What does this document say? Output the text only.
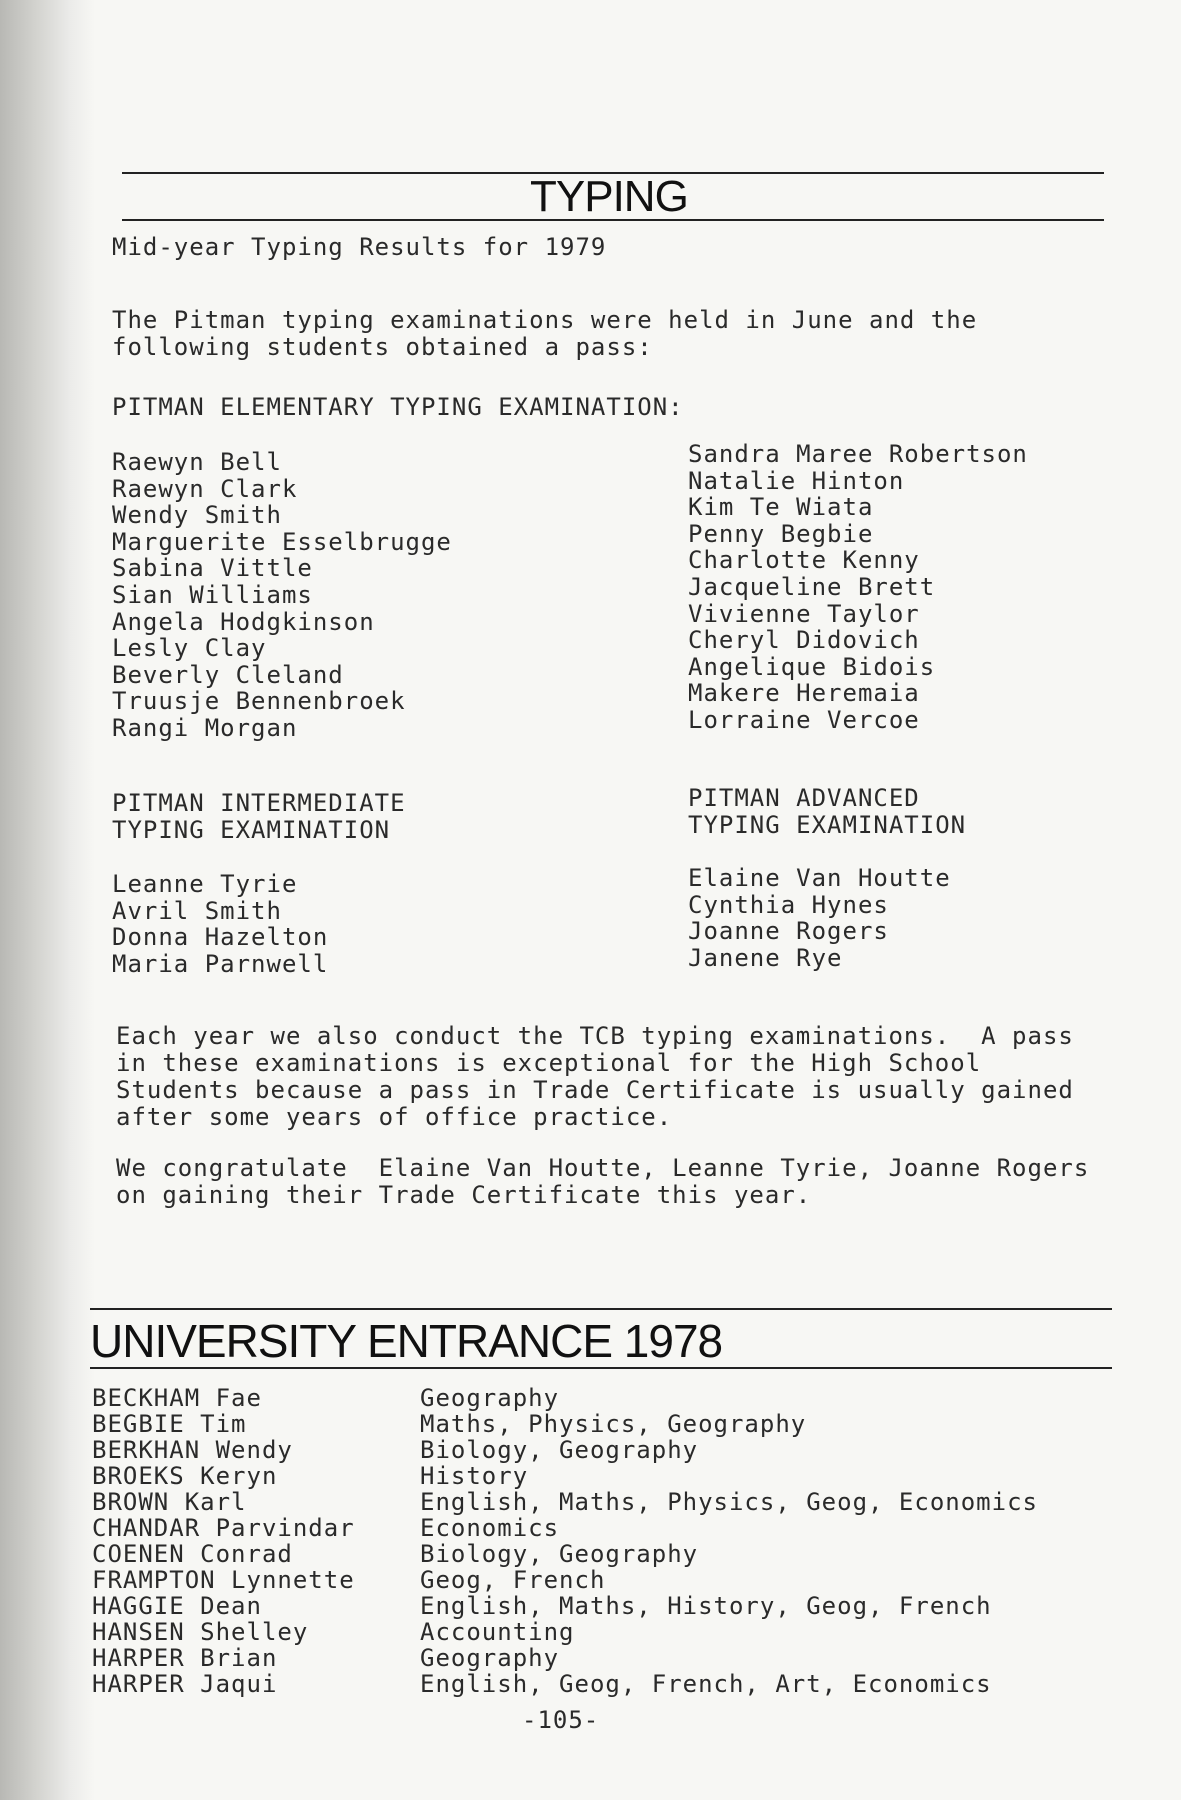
TYPING
Mid-year Typing Results for 1979
The Pitman typing examinations were held in June and the
following students obtained a pass:
PITMAN ELEMENTARY TYPING EXAMINATION:
Raewyn Bell
Raewyn Clark
Wendy Smith
Marguerite Esselbrugge
Sabina Vittle
Sian Williams
Angela Hodgkinson
Lesly Clay
Beverly Cleland
Truusje Bennenbroek
Rangi Morgan
Sandra Maree Robertson
Natalie Hinton
Kim Te Wiata
Penny Begbie
Charlotte Kenny
Jacqueline Brett
Vivienne Taylor
Cheryl Didovich
Angelique Bidois
Makere Heremaia
Lorraine Vercoe
PITMAN INTERMEDIATE
TYPING EXAMINATION
Leanne Tyrie
Avril Smith
Donna Hazelton
Maria Parnwell
PITMAN ADVANCED
TYPING EXAMINATION
Elaine Van Houtte
Cynthia Hynes
Joanne Rogers
Janene Rye
Each year we also conduct the TCB typing examinations.  A pass
in these examinations is exceptional for the High School
Students because a pass in Trade Certificate is usually gained
after some years of office practice.
We congratulate  Elaine Van Houtte, Leanne Tyrie, Joanne Rogers
on gaining their Trade Certificate this year.
UNIVERSITY ENTRANCE 1978
BECKHAM Fae	Geography
BEGBIE Tim	Maths, Physics, Geography
BERKHAN Wendy	Biology, Geography
BROEKS Keryn	History
BROWN Karl	English, Maths, Physics, Geog, Economics
CHANDAR Parvindar	Economics
COENEN Conrad	Biology, Geography
FRAMPTON Lynnette	Geog, French
HAGGIE Dean	English, Maths, History, Geog, French
HANSEN Shelley	Accounting
HARPER Brian	Geography
HARPER Jaqui	English, Geog, French, Art, Economics
-105-
